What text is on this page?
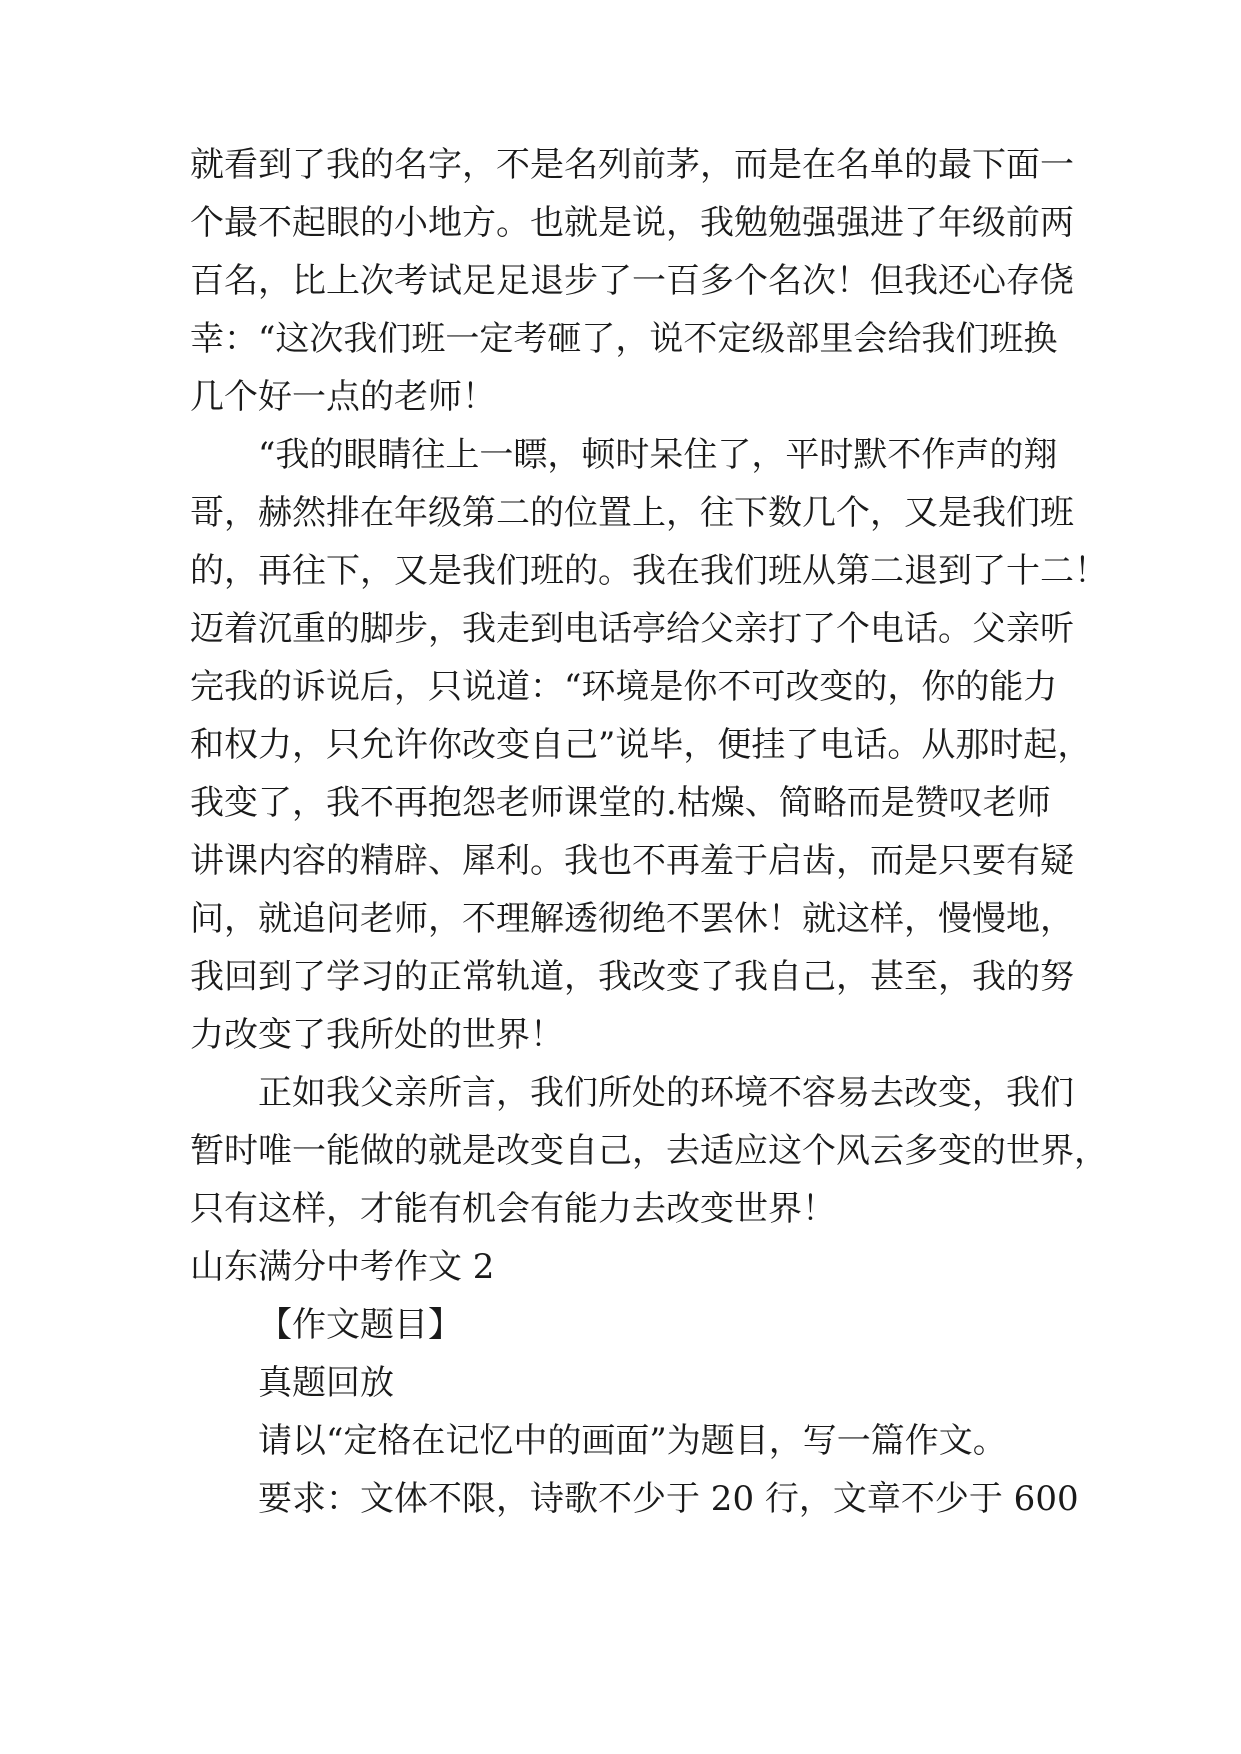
就看到了我的名字，不是名列前茅，而是在名单的最下面一
个最不起眼的小地方。也就是说，我勉勉强强进了年级前两
百名，比上次考试足足退步了一百多个名次！但我还心存侥
幸：“这次我们班一定考砸了，说不定级部里会给我们班换
几个好一点的老师！
“我的眼睛往上一瞟，顿时呆住了，平时默不作声的翔
哥，赫然排在年级第二的位置上，往下数几个，又是我们班
的，再往下，又是我们班的。我在我们班从第二退到了十二！
迈着沉重的脚步，我走到电话亭给父亲打了个电话。父亲听
完我的诉说后，只说道：“环境是你不可改变的，你的能力
和权力，只允许你改变自己”说毕，便挂了电话。从那时起，
我变了，我不再抱怨老师课堂的.枯燥、简略而是赞叹老师
讲课内容的精辟、犀利。我也不再羞于启齿，而是只要有疑
问，就追问老师，不理解透彻绝不罢休！就这样，慢慢地，
我回到了学习的正常轨道，我改变了我自己，甚至，我的努
力改变了我所处的世界！
正如我父亲所言，我们所处的环境不容易去改变，我们
暂时唯一能做的就是改变自己，去适应这个风云多变的世界，
只有这样，才能有机会有能力去改变世界！
山东满分中考作文 2
【作文题目】
真题回放
请以“定格在记忆中的画面”为题目，写一篇作文。
要求：文体不限，诗歌不少于 20 行，文章不少于 600
